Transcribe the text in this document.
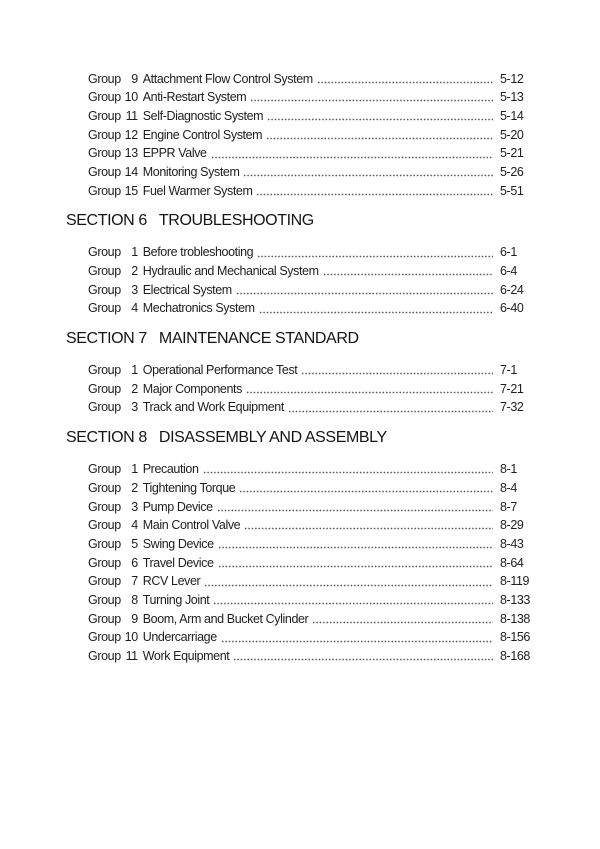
Group 9 Attachment Flow Control System	5-12
Group 10 Anti-Restart System	5-13
Group 11 Self-Diagnostic System	5-14
Group 12 Engine Control System	5-20
Group 13 EPPR Valve	5-21
Group 14 Monitoring System	5-26
Group 15 Fuel Warmer System	5-51
SECTION 6 TROUBLESHOOTING
Group 1 Before trobleshooting	6-1
Group 2 Hydraulic and Mechanical System	6-4
Group 3 Electrical System	6-24
Group 4 Mechatronics System	6-40
SECTION 7 MAINTENANCE STANDARD
Group 1 Operational Performance Test	7-1
Group 2 Major Components	7-21
Group 3 Track and Work Equipment	7-32
SECTION 8 DISASSEMBLY AND ASSEMBLY
Group 1 Precaution	8-1
Group 2 Tightening Torque	8-4
Group 3 Pump Device	8-7
Group 4 Main Control Valve	8-29
Group 5 Swing Device	8-43
Group 6 Travel Device	8-64
Group 7 RCV Lever	8-119
Group 8 Turning Joint	8-133
Group 9 Boom, Arm and Bucket Cylinder	8-138
Group 10 Undercarriage	8-156
Group 11 Work Equipment	8-168
